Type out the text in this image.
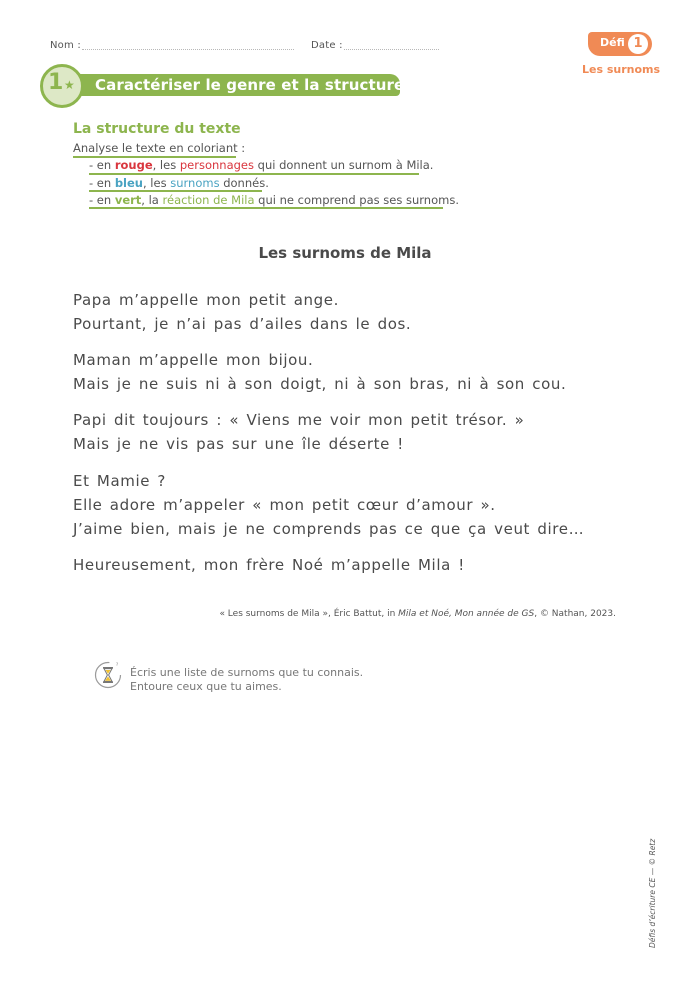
Nom :	Date :	Défi 1
Les surnoms
1 ★ Caractériser le genre et la structure
La structure du texte
Analyse le texte en coloriant :
- en rouge, les personnages qui donnent un surnom à Mila.
- en bleu, les surnoms donnés.
- en vert, la réaction de Mila qui ne comprend pas ses surnoms.
Les surnoms de Mila
Papa m’appelle mon petit ange.
Pourtant, je n’ai pas d’ailes dans le dos.
Maman m’appelle mon bijou.
Mais je ne suis ni à son doigt, ni à son bras, ni à son cou.
Papi dit toujours : « Viens me voir mon petit trésor. »
Mais je ne vis pas sur une île déserte !
Et Mamie ?
Elle adore m’appeler « mon petit cœur d’amour ».
J’aime bien, mais je ne comprends pas ce que ça veut dire…
Heureusement, mon frère Noé m’appelle Mila !
« Les surnoms de Mila », Éric Battut, in Mila et Noé, Mon année de GS, © Nathan, 2023.
?
Écris une liste de surnoms que tu connais.
Entoure ceux que tu aimes.
Défis d’écriture CE — © Retz
